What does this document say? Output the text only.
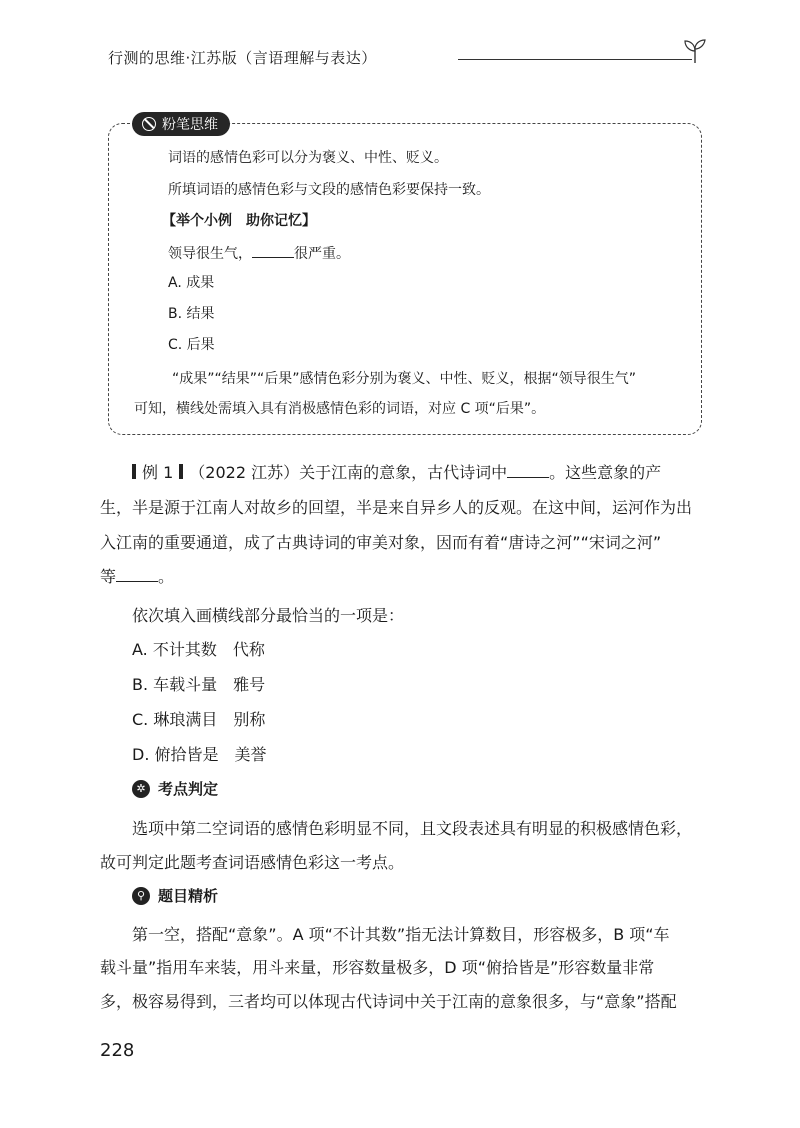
行测的思维·江苏版（言语理解与表达）
粉笔思维
词语的感情色彩可以分为褒义、中性、贬义。
所填词语的感情色彩与文段的感情色彩要保持一致。
【举个小例　助你记忆】
领导很生气，	很严重。
A. 成果
B. 结果
C. 后果
“成果”“结果”“后果”感情色彩分别为褒义、中性、贬义，根据“领导很生气”
可知，横线处需填入具有消极感情色彩的词语，对应 C 项“后果”。
例 1 （2022 江苏）关于江南的意象，古代诗词中	。这些意象的产
生，半是源于江南人对故乡的回望，半是来自异乡人的反观。在这中间，运河作为出
入江南的重要通道，成了古典诗词的审美对象，因而有着“唐诗之河”“宋词之河”
等	。
依次填入画横线部分最恰当的一项是：
A. 不计其数　代称
B. 车载斗量　雅号
C. 琳琅满目　别称
D. 俯拾皆是　美誉
✲ 考点判定
选项中第二空词语的感情色彩明显不同，且文段表述具有明显的积极感情色彩，
故可判定此题考查词语感情色彩这一考点。
⚲ 题目精析
第一空，搭配“意象”。A 项“不计其数”指无法计算数目，形容极多，B 项“车
载斗量”指用车来装，用斗来量，形容数量极多，D 项“俯拾皆是”形容数量非常
多，极容易得到，三者均可以体现古代诗词中关于江南的意象很多，与“意象”搭配
228
